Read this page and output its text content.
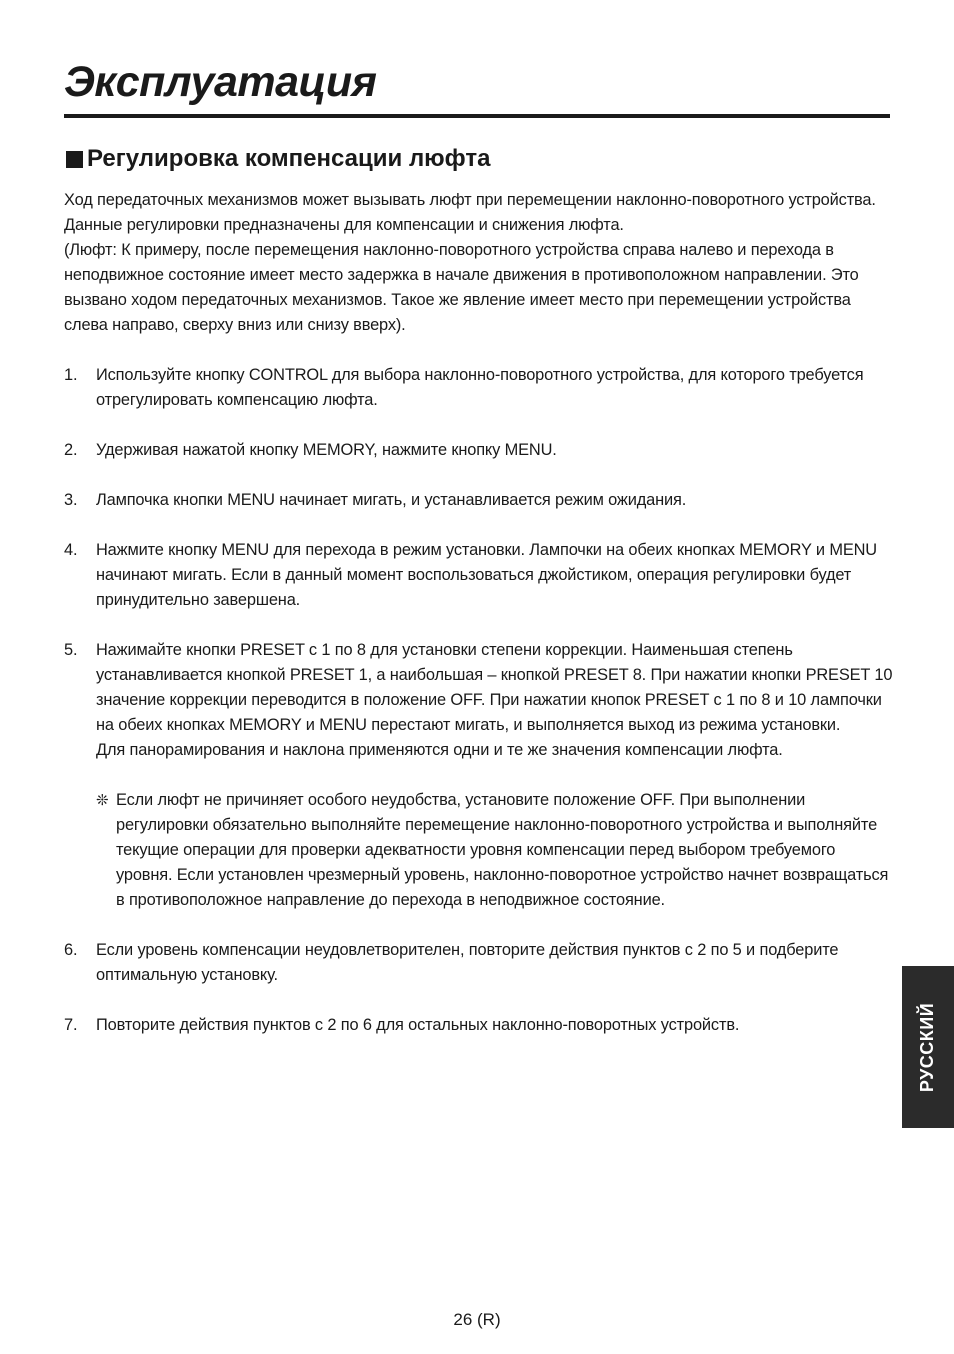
Эксплуатация
Регулировка компенсации люфта

Ход передаточных механизмов может вызывать люфт при перемещении наклонно-поворотного устройства.

Данные регулировки предназначены для компенсации и снижения люфта.

(Люфт: К примеру, после перемещения наклонно-поворотного устройства справа налево и перехода в неподвижное состояние имеет место задержка в начале движения в противоположном направлении. Это вызвано ходом передаточных механизмов. Такое же явление имеет место при перемещении устройства слева направо, сверху вниз или снизу вверх).

1.	Используйте кнопку CONTROL для выбора наклонно-поворотного устройства, для которого требуется отрегулировать компенсацию люфта.

2.	Удерживая нажатой кнопку MEMORY, нажмите кнопку MENU.

3.	Лампочка кнопки MENU начинает мигать, и устанавливается режим ожидания.

4.	Нажмите кнопку MENU для перехода в режим установки. Лампочки на обеих кнопках MEMORY и MENU начинают мигать. Если в данный момент воспользоваться джойстиком, операция регулировки будет принудительно завершена.

5.	Нажимайте кнопки PRESET с 1 по 8 для установки степени коррекции. Наименьшая степень устанавливается кнопкой PRESET 1, а наибольшая – кнопкой PRESET 8. При нажатии кнопки PRESET 10 значение коррекции переводится в положение OFF. При нажатии кнопок PRESET с 1 по 8 и 10 лампочки на обеих кнопках MEMORY и MENU перестают мигать, и выполняется выход из режима установки.

Для панорамирования и наклона применяются одни и те же значения компенсации люфта.

❊ Если люфт не причиняет особого неудобства, установите положение OFF. При выполнении регулировки обязательно выполняйте перемещение наклонно-поворотного устройства и выполняйте текущие операции для проверки адекватности уровня компенсации перед выбором требуемого уровня. Если установлен чрезмерный уровень, наклонно-поворотное устройство начнет возвращаться в противоположное направление до перехода в неподвижное состояние.
6.	Если уровень компенсации неудовлетворителен, повторите действия пунктов с 2 по 5 и подберите оптимальную установку.

7.	Повторите действия пунктов с 2 по 6 для остальных наклонно-поворотных устройств.	РУССКИЙ
26 (R)
